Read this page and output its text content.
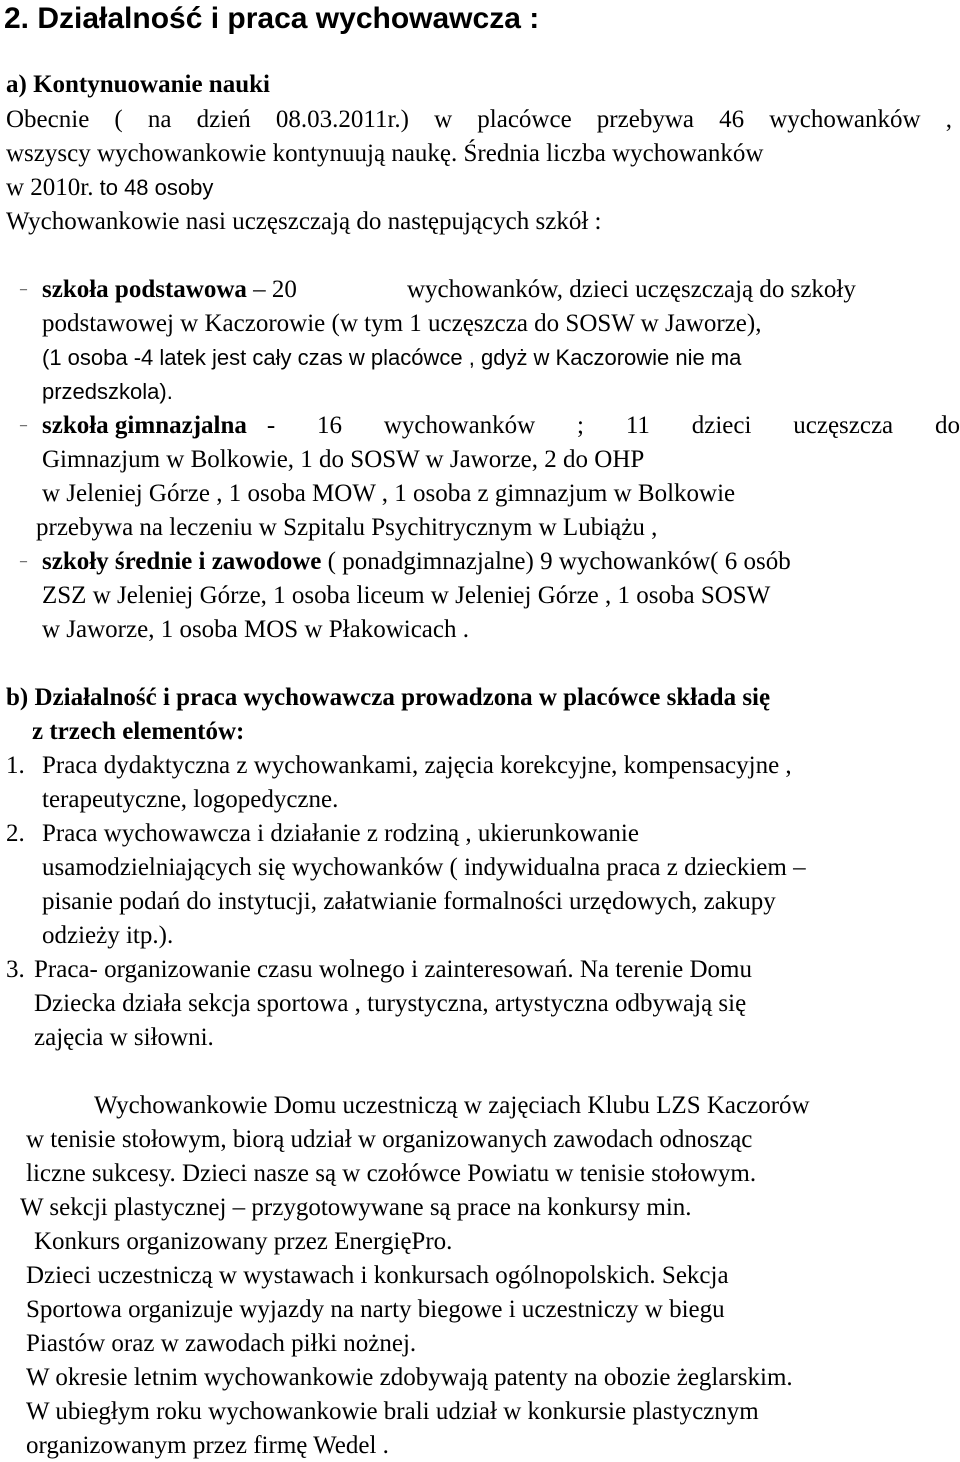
2. Działalność i praca wychowawcza :
a) Kontynuowanie nauki
Obecnie ( na dzień 08.03.2011r.) w placówce przebywa 46 wychowanków ,
wszyscy wychowankowie kontynuują naukę. Średnia liczba wychowanków
w 2010r. to 48 osoby
Wychowankowie nasi uczęszczają do następujących szkół :
– szkoła podstawowa – 20	wychowanków, dzieci uczęszczają do szkoły
podstawowej w Kaczorowie (w tym 1 uczęszcza do SOSW w Jaworze),
(1 osoba -4 latek jest cały czas w placówce , gdyż w Kaczorowie nie ma
przedszkola).
– szkoła gimnazjalna - 16 wychowanków ; 11 dzieci uczęszcza do
Gimnazjum w Bolkowie, 1 do SOSW w Jaworze, 2 do OHP
w Jeleniej Górze , 1 osoba MOW , 1 osoba z gimnazjum w Bolkowie
przebywa na leczeniu w Szpitalu Psychitrycznym w Lubiążu ,
– szkoły średnie i zawodowe ( ponadgimnazjalne) 9 wychowanków( 6 osób
ZSZ w Jeleniej Górze, 1 osoba liceum w Jeleniej Górze , 1 osoba SOSW
w Jaworze, 1 osoba MOS w Płakowicach .
b) Działalność i praca wychowawcza prowadzona w placówce składa się
z trzech elementów:
1. Praca dydaktyczna z wychowankami, zajęcia korekcyjne, kompensacyjne ,
terapeutyczne, logopedyczne.
2. Praca wychowawcza i działanie z rodziną , ukierunkowanie
usamodzielniających się wychowanków ( indywidualna praca z dzieckiem –
pisanie podań do instytucji, załatwianie formalności urzędowych, zakupy
odzieży itp.).
3. Praca- organizowanie czasu wolnego i zainteresowań. Na terenie Domu
Dziecka działa sekcja sportowa , turystyczna, artystyczna odbywają się
zajęcia w siłowni.
Wychowankowie Domu uczestniczą w zajęciach Klubu LZS Kaczorów
w tenisie stołowym, biorą udział w organizowanych zawodach odnosząc
liczne sukcesy. Dzieci nasze są w czołówce Powiatu w tenisie stołowym.
W sekcji plastycznej – przygotowywane są prace na konkursy min.
Konkurs organizowany przez EnergięPro.
Dzieci uczestniczą w wystawach i konkursach ogólnopolskich. Sekcja
Sportowa organizuje wyjazdy na narty biegowe i uczestniczy w biegu
Piastów oraz w zawodach piłki nożnej.
W okresie letnim wychowankowie zdobywają patenty na obozie żeglarskim.
W ubiegłym roku wychowankowie brali udział w konkursie plastycznym
organizowanym przez firmę Wedel .
